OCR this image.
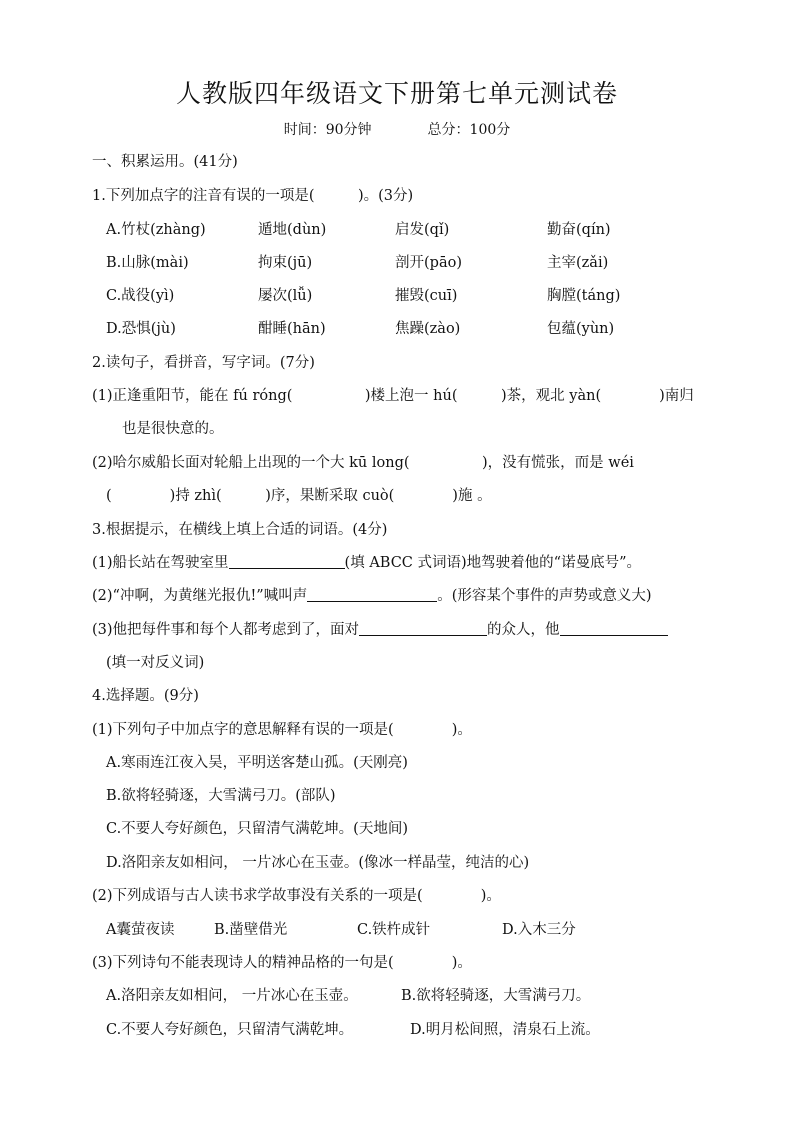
人教版四年级语文下册第七单元测试卷
时间：90分钟	总分：100分
一、积累运用。(41分)
1.下列加点字的注音有误的一项是(　　　)。(3分)
A.竹杖(zhàng)	遁地(dùn)	启发(qǐ)	勤奋(qín)
B.山脉(mài)	拘束(jū)	剖开(pāo)	主宰(zǎi)
C.战役(yì)	屡次(lǚ)	摧毁(cuī)	胸膛(táng)
D.恐惧(jù)	酣睡(hān)	焦躁(zào)	包蕴(yùn)
2.读句子，看拼音，写字词。(7分)
(1)正逢重阳节，能在 fú róng(　　　　　)楼上泡一 hú(　　　)茶，观北 yàn(　　　　)南归
也是很快意的。
(2)哈尔威船长面对轮船上出现的一个大 kū long(　　　　　)，没有慌张，而是 wéi
(　　　　)持 zhì(　　　)序，果断采取 cuò(　　　　)施 。
3.根据提示，在横线上填上合适的词语。(4分)
(1)船长站在驾驶室里	(填 ABCC 式词语)地驾驶着他的“诺曼底号”。
(2)“冲啊，为黄继光报仇!”喊叫声	。(形容某个事件的声势或意义大)
(3)他把每件事和每个人都考虑到了，面对	的众人，他
(填一对反义词)
4.选择题。(9分)
(1)下列句子中加点字的意思解释有误的一项是(　　　　)。
A.寒雨连江夜入吴，平明送客楚山孤。(天刚亮)
B.欲将轻骑逐，大雪满弓刀。(部队)
C.不要人夸好颜色，只留清气满乾坤。(天地间)
D.洛阳亲友如相问， 一片冰心在玉壶。(像冰一样晶莹，纯洁的心)
(2)下列成语与古人读书求学故事没有关系的一项是(　　　　)。
A囊萤夜读	B.凿壁借光	C.铁杵成针	D.入木三分
(3)下列诗句不能表现诗人的精神品格的一句是(　　　　)。
A.洛阳亲友如相问， 一片冰心在玉壶。	B.欲将轻骑逐，大雪满弓刀。
C.不要人夸好颜色，只留清气满乾坤。	D.明月松间照，清泉石上流。
